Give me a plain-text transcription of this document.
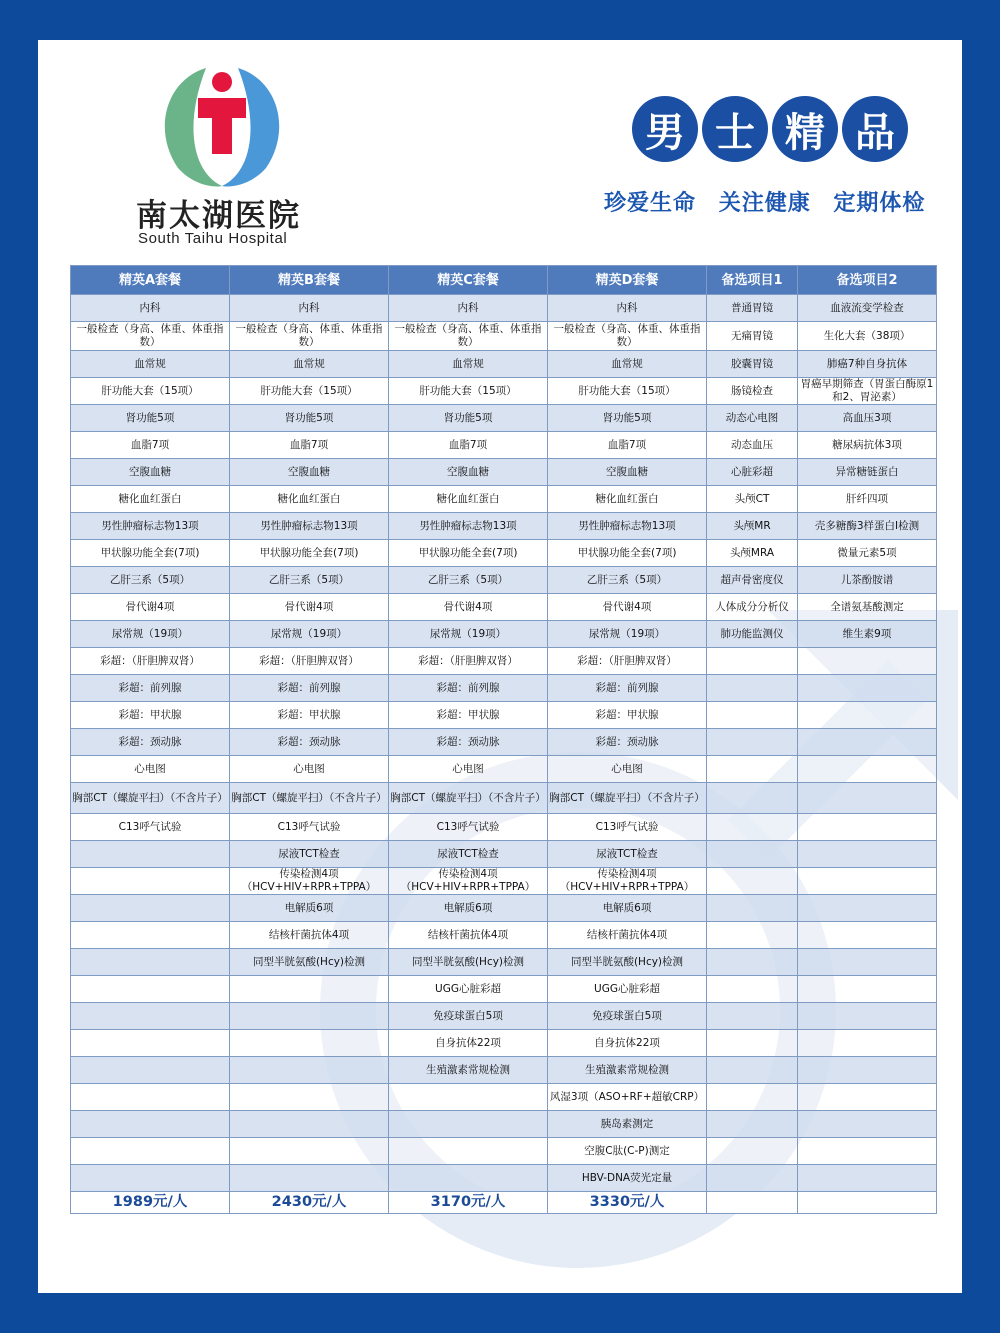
南太湖医院
South Taihu Hospital
男 士 精 品
珍爱生命 关注健康 定期体检
精英A套餐	精英B套餐	精英C套餐	精英D套餐	备选项目1	备选项目2
内科	内科	内科	内科	普通胃镜	血液流变学检查
一般检查（身高、体重、体重指数）	一般检查（身高、体重、体重指数）	一般检查（身高、体重、体重指数）	一般检查（身高、体重、体重指数）	无痛胃镜	生化大套（38项）
血常规	血常规	血常规	血常规	胶囊胃镜	肺癌7种自身抗体
肝功能大套（15项）	肝功能大套（15项）	肝功能大套（15项）	肝功能大套（15项）	肠镜检查	胃癌早期筛查（胃蛋白酶原1和2、胃泌素）
肾功能5项	肾功能5项	肾功能5项	肾功能5项	动态心电图	高血压3项
血脂7项	血脂7项	血脂7项	血脂7项	动态血压	糖尿病抗体3项
空腹血糖	空腹血糖	空腹血糖	空腹血糖	心脏彩超	异常糖链蛋白
糖化血红蛋白	糖化血红蛋白	糖化血红蛋白	糖化血红蛋白	头颅CT	肝纤四项
男性肿瘤标志物13项	男性肿瘤标志物13项	男性肿瘤标志物13项	男性肿瘤标志物13项	头颅MR	壳多糖酶3样蛋白Ⅰ检测
甲状腺功能全套(7项)	甲状腺功能全套(7项)	甲状腺功能全套(7项)	甲状腺功能全套(7项)	头颅MRA	微量元素5项
乙肝三系（5项）	乙肝三系（5项）	乙肝三系（5项）	乙肝三系（5项）	超声骨密度仪	儿茶酚胺谱
骨代谢4项	骨代谢4项	骨代谢4项	骨代谢4项	人体成分分析仪	全谱氨基酸测定
尿常规（19项）	尿常规（19项）	尿常规（19项）	尿常规（19项）	肺功能监测仪	维生素9项
彩超：（肝胆脾双肾）	彩超：（肝胆脾双肾）	彩超：（肝胆脾双肾）	彩超：（肝胆脾双肾）		
彩超：前列腺	彩超：前列腺	彩超：前列腺	彩超：前列腺		
彩超：甲状腺	彩超：甲状腺	彩超：甲状腺	彩超：甲状腺		
彩超：颈动脉	彩超：颈动脉	彩超：颈动脉	彩超：颈动脉		
心电图	心电图	心电图	心电图		
胸部CT（螺旋平扫）（不含片子）	胸部CT（螺旋平扫）（不含片子）	胸部CT（螺旋平扫）（不含片子）	胸部CT（螺旋平扫）（不含片子）		
C13呼气试验	C13呼气试验	C13呼气试验	C13呼气试验		
	尿液TCT检查	尿液TCT检查	尿液TCT检查		
	传染检测4项（HCV+HIV+RPR+TPPA）	传染检测4项（HCV+HIV+RPR+TPPA）	传染检测4项（HCV+HIV+RPR+TPPA）		
	电解质6项	电解质6项	电解质6项		
	结核杆菌抗体4项	结核杆菌抗体4项	结核杆菌抗体4项		
	同型半胱氨酸(Hcy)检测	同型半胱氨酸(Hcy)检测	同型半胱氨酸(Hcy)检测		
		UGG心脏彩超	UGG心脏彩超		
		免疫球蛋白5项	免疫球蛋白5项		
		自身抗体22项	自身抗体22项		
		生殖激素常规检测	生殖激素常规检测		
			风湿3项（ASO+RF+超敏CRP）		
			胰岛素测定		
			空腹C肽(C-P)测定		
			HBV-DNA荧光定量		
1989元/人	2430元/人	3170元/人	3330元/人		
